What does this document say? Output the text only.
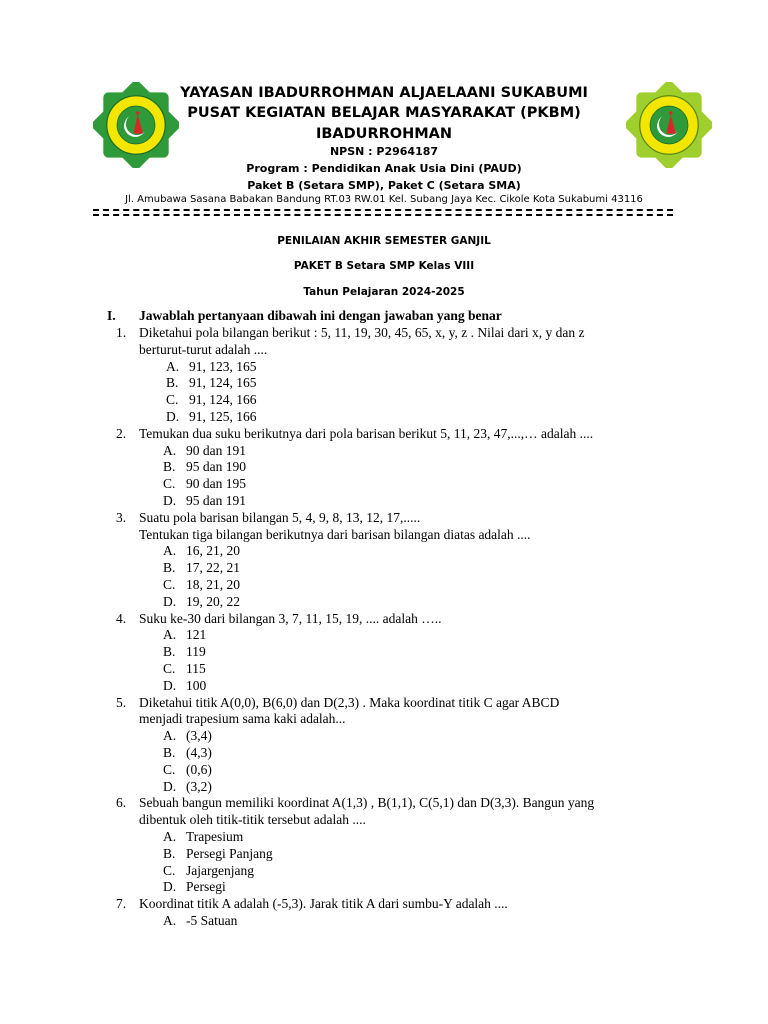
YAYASAN IBADURROHMAN ALJAELAANI SUKABUMI
PUSAT KEGIATAN BELAJAR MASYARAKAT (PKBM)
IBADURROHMAN
NPSN : P2964187
Program : Pendidikan Anak Usia Dini (PAUD)
Paket B (Setara SMP), Paket C (Setara SMA)
Jl. Amubawa Sasana Babakan Bandung RT.03 RW.01 Kel. Subang Jaya Kec. Cikole Kota Sukabumi 43116
PENILAIAN AKHIR SEMESTER GANJIL
PAKET B Setara SMP Kelas VIII
Tahun Pelajaran 2024-2025
I. Jawablah pertanyaan dibawah ini dengan jawaban yang benar
1. Diketahui pola bilangan berikut : 5, 11, 19, 30, 45, 65, x, y, z . Nilai dari x, y dan z
berturut-turut adalah ....
A. 91, 123, 165
B. 91, 124, 165
C. 91, 124, 166
D. 91, 125, 166
2. Temukan dua suku berikutnya dari pola barisan berikut 5, 11, 23, 47,...,… adalah ....
A. 90 dan 191
B. 95 dan 190
C. 90 dan 195
D. 95 dan 191
3. Suatu pola barisan bilangan 5, 4, 9, 8, 13, 12, 17,.....
Tentukan tiga bilangan berikutnya dari barisan bilangan diatas adalah ....
A. 16, 21, 20
B. 17, 22, 21
C. 18, 21, 20
D. 19, 20, 22
4. Suku ke-30 dari bilangan 3, 7, 11, 15, 19, .... adalah …..
A. 121
B. 119
C. 115
D. 100
5. Diketahui titik A(0,0), B(6,0) dan D(2,3) . Maka koordinat titik C agar ABCD
menjadi trapesium sama kaki adalah...
A. (3,4)
B. (4,3)
C. (0,6)
D. (3,2)
6. Sebuah bangun memiliki koordinat A(1,3) , B(1,1), C(5,1) dan D(3,3). Bangun yang
dibentuk oleh titik-titik tersebut adalah ....
A. Trapesium
B. Persegi Panjang
C. Jajargenjang
D. Persegi
7. Koordinat titik A adalah (-5,3). Jarak titik A dari sumbu-Y adalah ....
A. -5 Satuan
